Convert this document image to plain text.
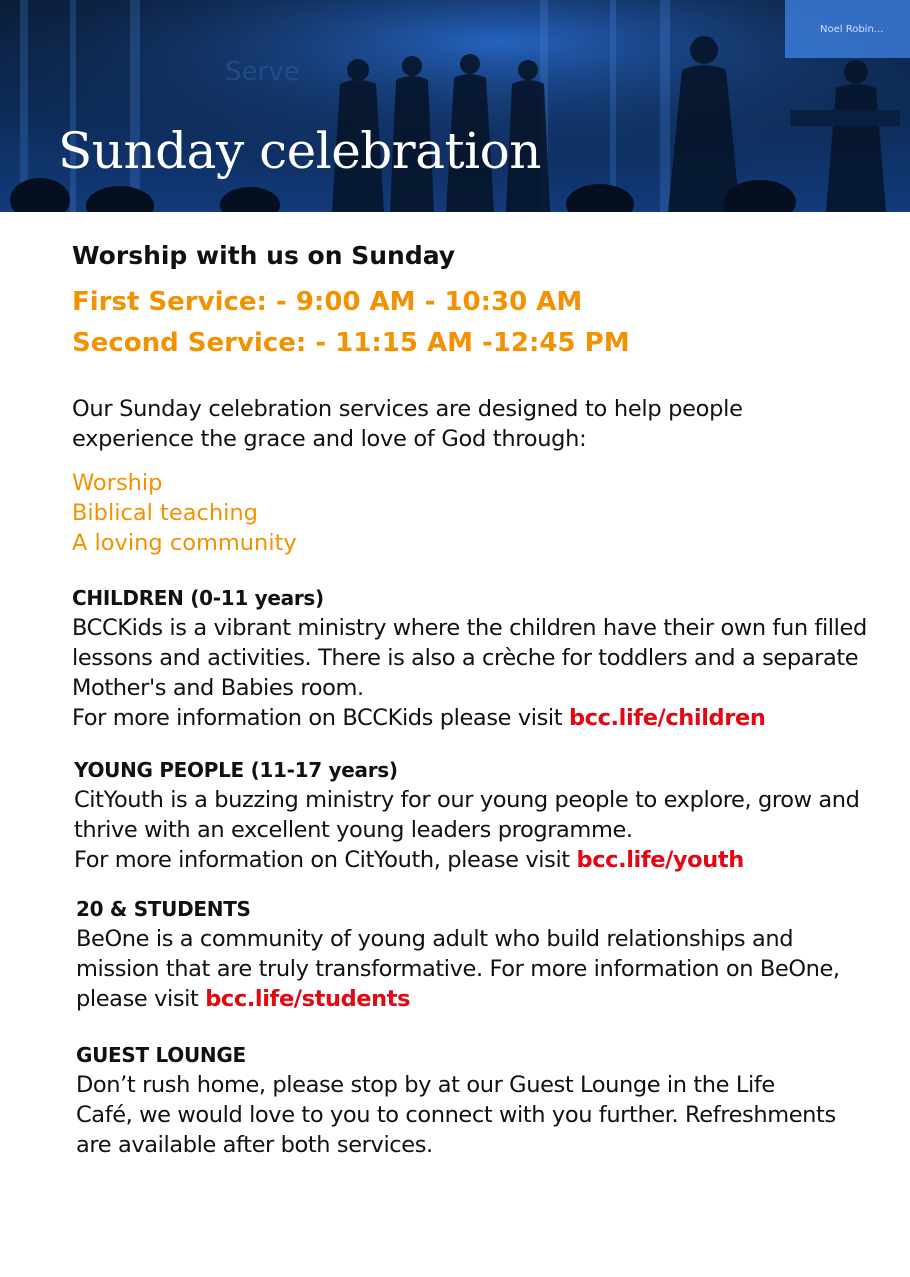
Noel Robin...
Serve
Sunday celebration
Worship with us on Sunday
First Service: - 9:00 AM - 10:30 AM
Second Service: - 11:15 AM -12:45 PM
Our Sunday celebration services are designed to help people experience the grace and love of God through:
Worship
Biblical teaching
A loving community
CHILDREN (0-11 years)
BCCKids is a vibrant ministry where the children have their own fun filled lessons and activities. There is also a crèche for toddlers and a separate Mother's and Babies room.
For more information on BCCKids please visit bcc.life/children
YOUNG PEOPLE (11-17 years)
CitYouth is a buzzing ministry for our young people to explore, grow and thrive with an excellent young leaders programme.
For more information on CitYouth, please visit bcc.life/youth
20 & STUDENTS
BeOne is a community of young adult who build relationships and mission that are truly transformative. For more information on BeOne, please visit bcc.life/students
GUEST LOUNGE
Don’t rush home, please stop by at our Guest Lounge in the Life Café, we would love to you to connect with you further. Refreshments are available after both services.
